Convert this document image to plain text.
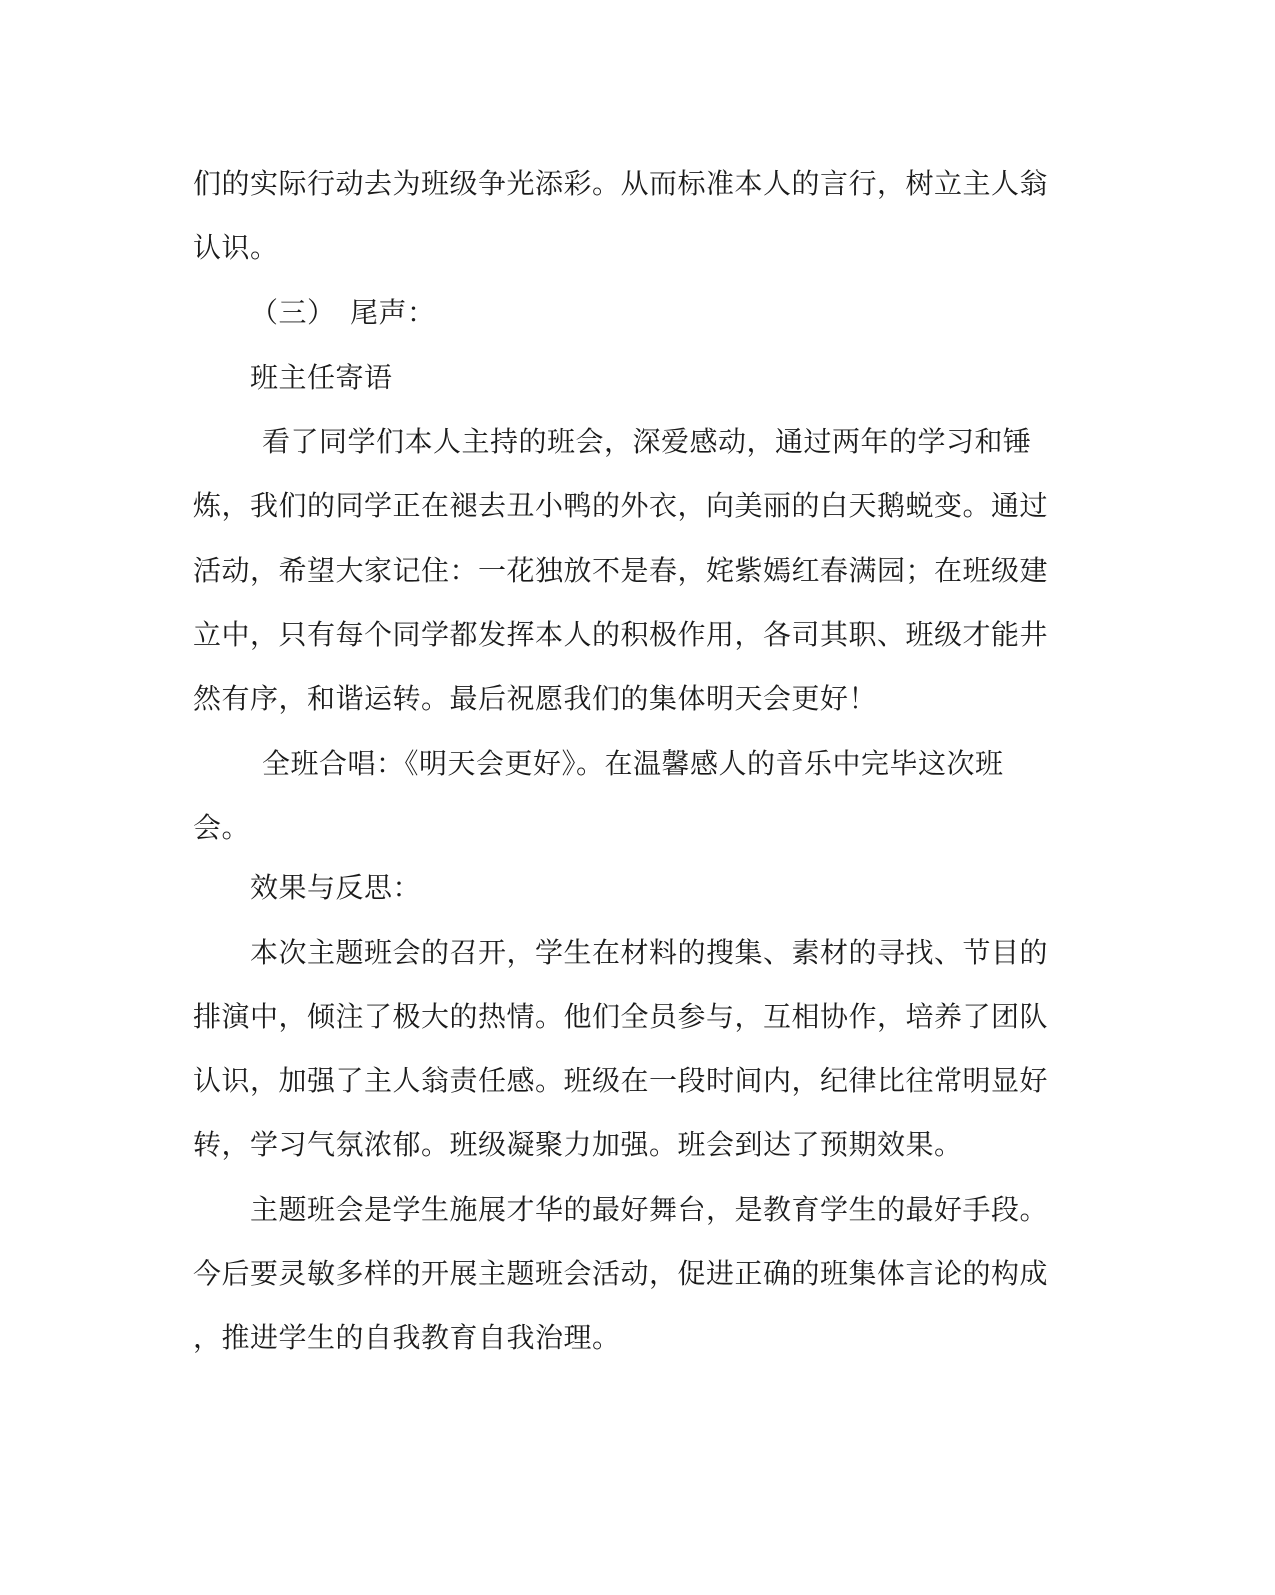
们的实际行动去为班级争光添彩。从而标准本人的言行，树立主人翁
认识。
（三）　尾声：
班主任寄语
看了同学们本人主持的班会，深爱感动，通过两年的学习和锤
炼，我们的同学正在褪去丑小鸭的外衣，向美丽的白天鹅蜕变。通过
活动，希望大家记住：一花独放不是春，姹紫嫣红春满园；在班级建
立中，只有每个同学都发挥本人的积极作用，各司其职、班级才能井
然有序，和谐运转。最后祝愿我们的集体明天会更好！
全班合唱：《明天会更好》。在温馨感人的音乐中完毕这次班
会。
效果与反思：
本次主题班会的召开，学生在材料的搜集、素材的寻找、节目的
排演中，倾注了极大的热情。他们全员参与，互相协作，培养了团队
认识，加强了主人翁责任感。班级在一段时间内，纪律比往常明显好
转，学习气氛浓郁。班级凝聚力加强。班会到达了预期效果。
主题班会是学生施展才华的最好舞台，是教育学生的最好手段。
今后要灵敏多样的开展主题班会活动，促进正确的班集体言论的构成
，推进学生的自我教育自我治理。
